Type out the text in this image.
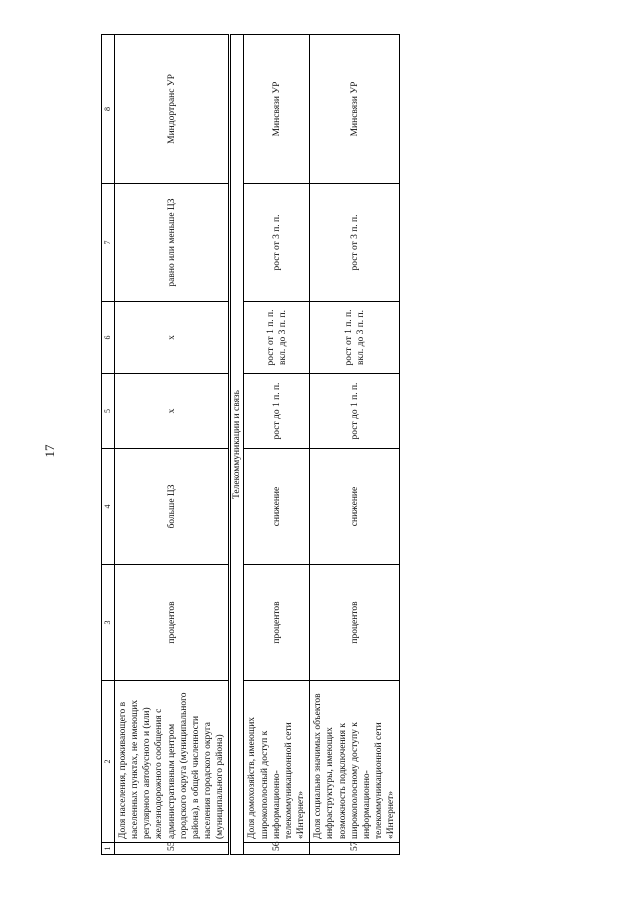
17
1	2	3	4	5	6	7	8
55	Доля населения, проживающего в населенных пунктах, не имеющих регулярного автобусного и (или) железнодорожного сообщения с административным центром городского округа (муниципального района), в общей численности населения городского округа (муниципального района)	процентов	больше ЦЗ	х	х	равно или меньше ЦЗ	Миндортранс УР
Телекоммуникации и связь							
56	Доля домохозяйств, имеющих широкополосный доступ к информационно-телекоммуникационной сети «Интернет»	процентов	снижение	рост до 1 п. п.	рост от 1 п. п. вкл. до 3 п. п.	рост от 3 п. п.	Минсвязи УР
57	Доля социально значимых объектов инфраструктуры, имеющих возможность подключения к широкополосному доступу к информационно-телекоммуникационной сети «Интернет»	процентов	снижение	рост до 1 п. п.	рост от 1 п. п. вкл. до 3 п. п.	рост от 3 п. п.	Минсвязи УР
